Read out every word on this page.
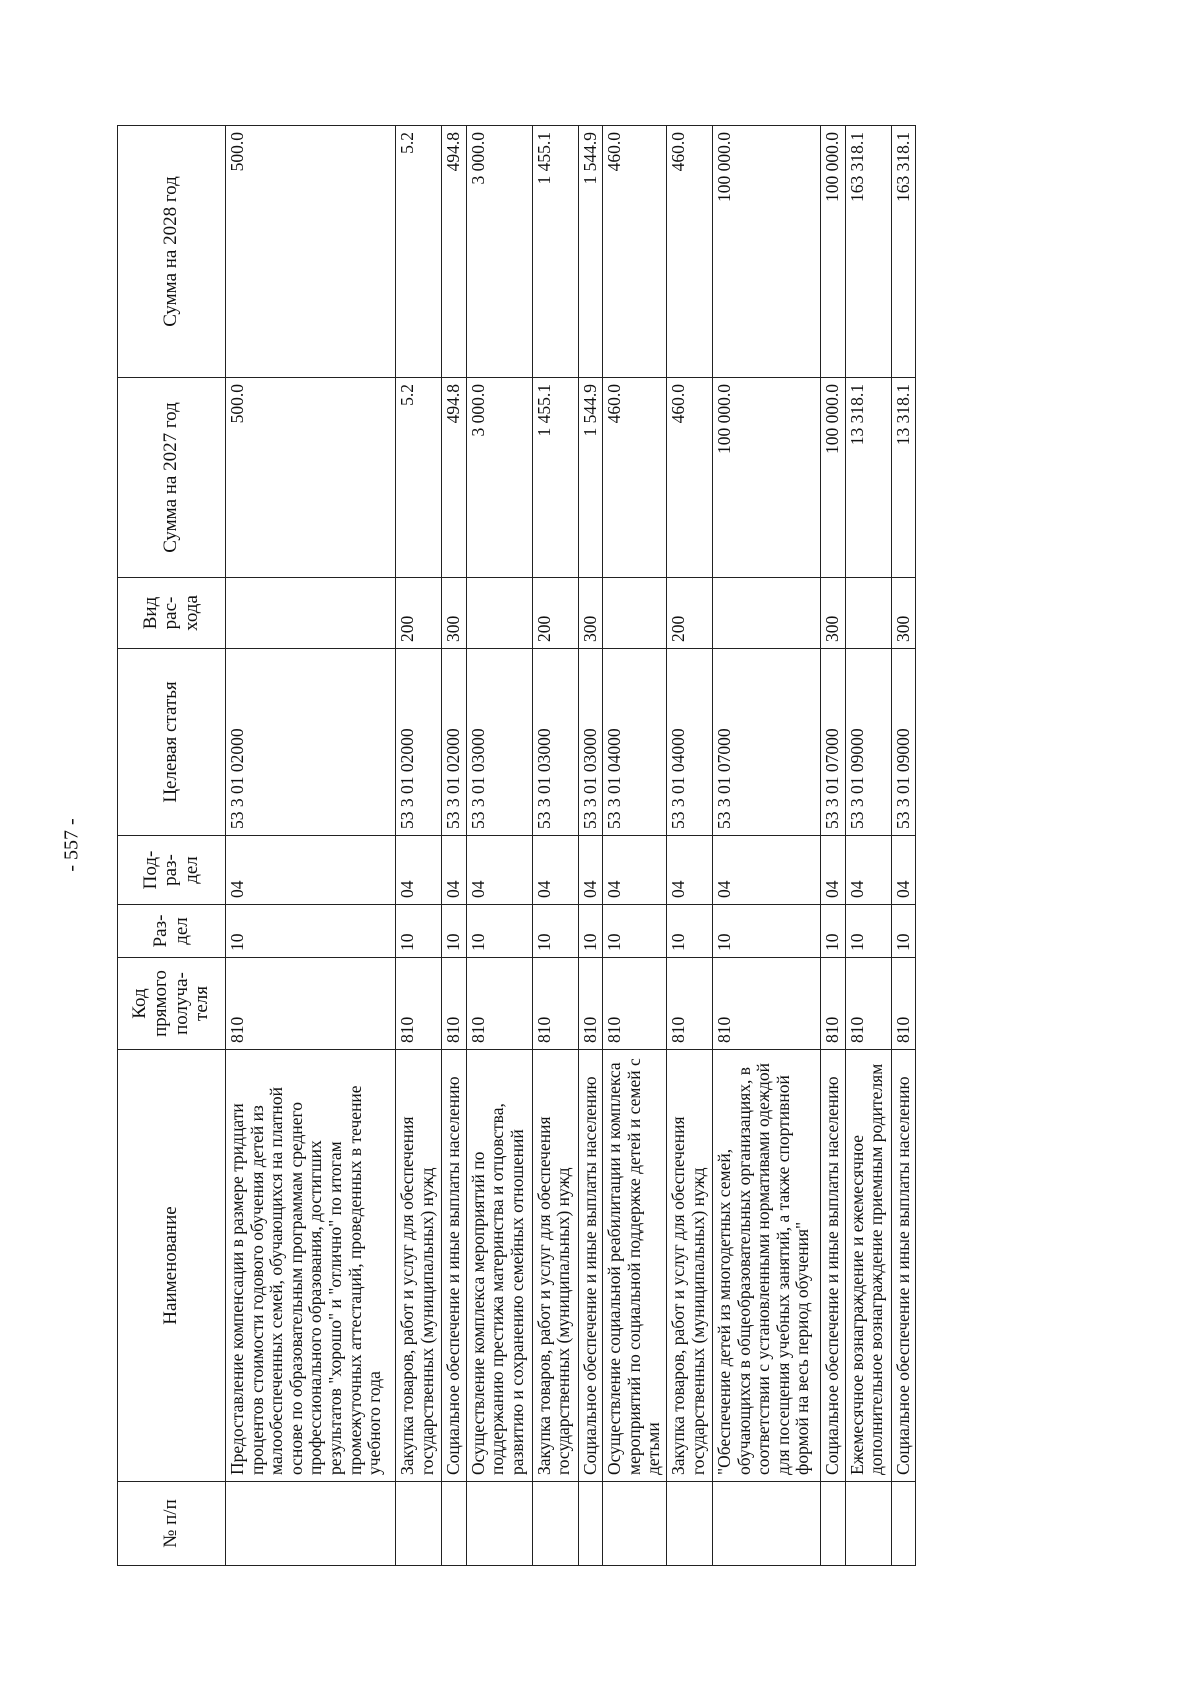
- 557 -
№ п/п	Наименование	Код прямого получа-теля	Раз-дел	Под-раз-дел	Целевая статья	Вид рас-хода	Сумма на 2027 год	Сумма на 2028 год
	Предоставление компенсации в размере тридцати процентов стоимости годового обучения детей из малообеспеченных семей, обучающихся на платной основе по образовательным программам среднего профессионального образования, достигших результатов "хорошо" и "отлично" по итогам промежуточных аттестаций, проведенных в течение учебного года	810	10	04	53 3 01 02000		500.0	500.0
	Закупка товаров, работ и услуг для обеспечения государственных (муниципальных) нужд	810	10	04	53 3 01 02000	200	5.2	5.2
	Социальное обеспечение и иные выплаты населению	810	10	04	53 3 01 02000	300	494.8	494.8
	Осуществление комплекса мероприятий по поддержанию престижа материнства и отцовства, развитию и сохранению семейных отношений	810	10	04	53 3 01 03000		3 000.0	3 000.0
	Закупка товаров, работ и услуг для обеспечения государственных (муниципальных) нужд	810	10	04	53 3 01 03000	200	1 455.1	1 455.1
	Социальное обеспечение и иные выплаты населению	810	10	04	53 3 01 03000	300	1 544.9	1 544.9
	Осуществление социальной реабилитации и комплекса мероприятий по социальной поддержке детей и семей с детьми	810	10	04	53 3 01 04000		460.0	460.0
	Закупка товаров, работ и услуг для обеспечения государственных (муниципальных) нужд	810	10	04	53 3 01 04000	200	460.0	460.0
	"Обеспечение детей из многодетных семей, обучающихся в общеобразовательных организациях, в соответствии с установленными нормативами одеждой для посещения учебных занятий, а также спортивной формой на весь период обучения"	810	10	04	53 3 01 07000		100 000.0	100 000.0
	Социальное обеспечение и иные выплаты населению	810	10	04	53 3 01 07000	300	100 000.0	100 000.0
	Ежемесячное вознаграждение и ежемесячное дополнительное вознаграждение приемным родителям	810	10	04	53 3 01 09000		13 318.1	163 318.1
	Социальное обеспечение и иные выплаты населению	810	10	04	53 3 01 09000	300	13 318.1	163 318.1
